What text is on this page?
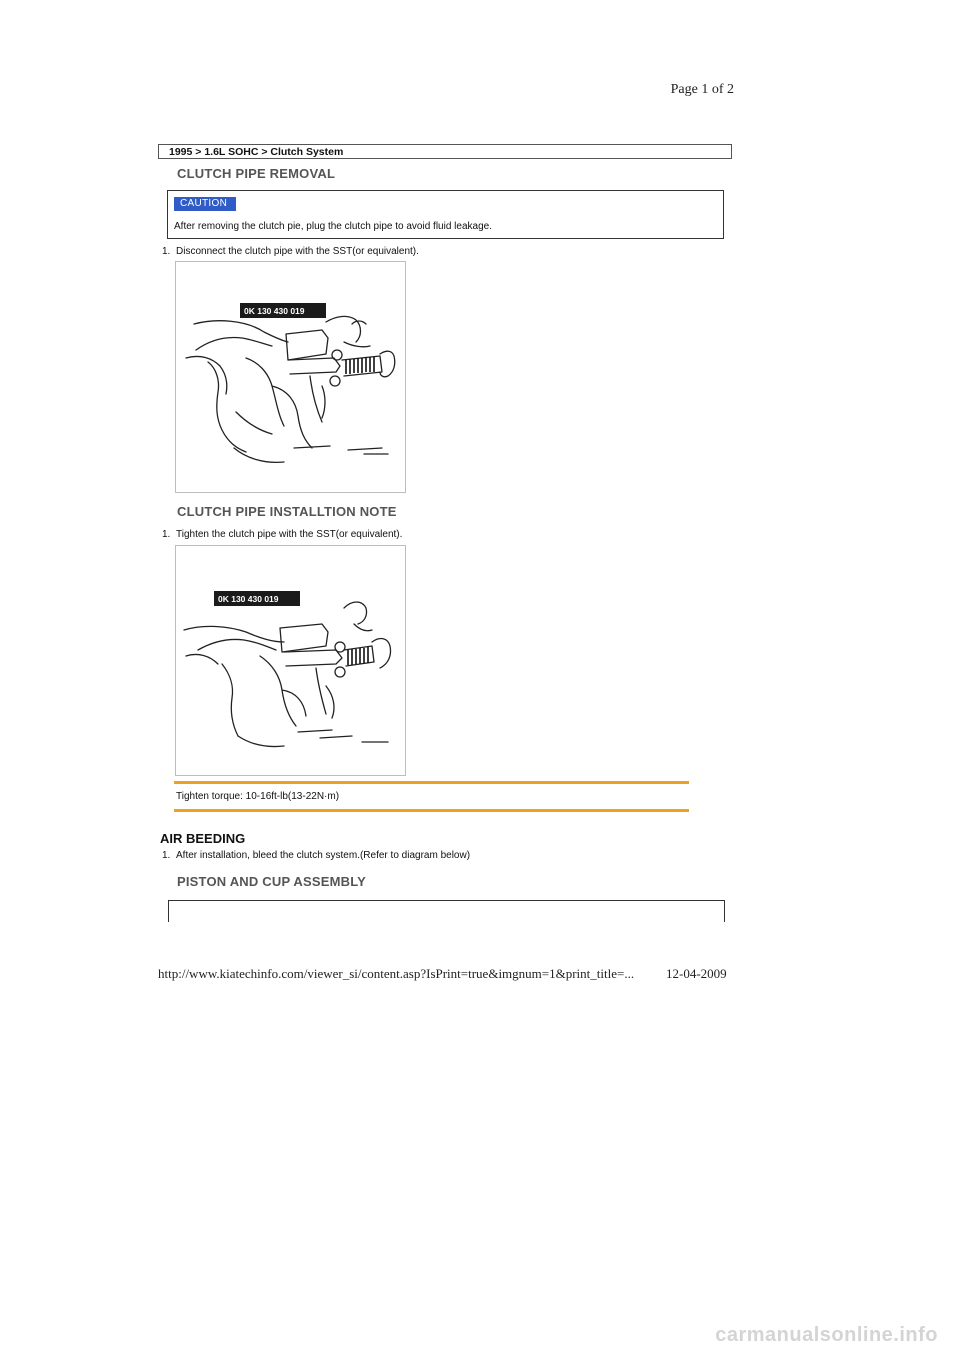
Page 1 of 2
1995 > 1.6L SOHC > Clutch System
CLUTCH PIPE REMOVAL
CAUTION
After removing the clutch pie, plug the clutch pipe to avoid fluid leakage.
1. Disconnect the clutch pipe with the SST(or equivalent).
0K 130 430 019
CLUTCH PIPE INSTALLTION NOTE
1. Tighten the clutch pipe with the SST(or equivalent).
0K 130 430 019
Tighten torque: 10-16ft-lb(13-22N·m)
AIR BEEDING
1. After installation, bleed the clutch system.(Refer to diagram below)
PISTON AND CUP ASSEMBLY
http://www.kiatechinfo.com/viewer_si/content.asp?IsPrint=true&imgnum=1&print_title=... 12-04-2009
carmanualsonline.info
